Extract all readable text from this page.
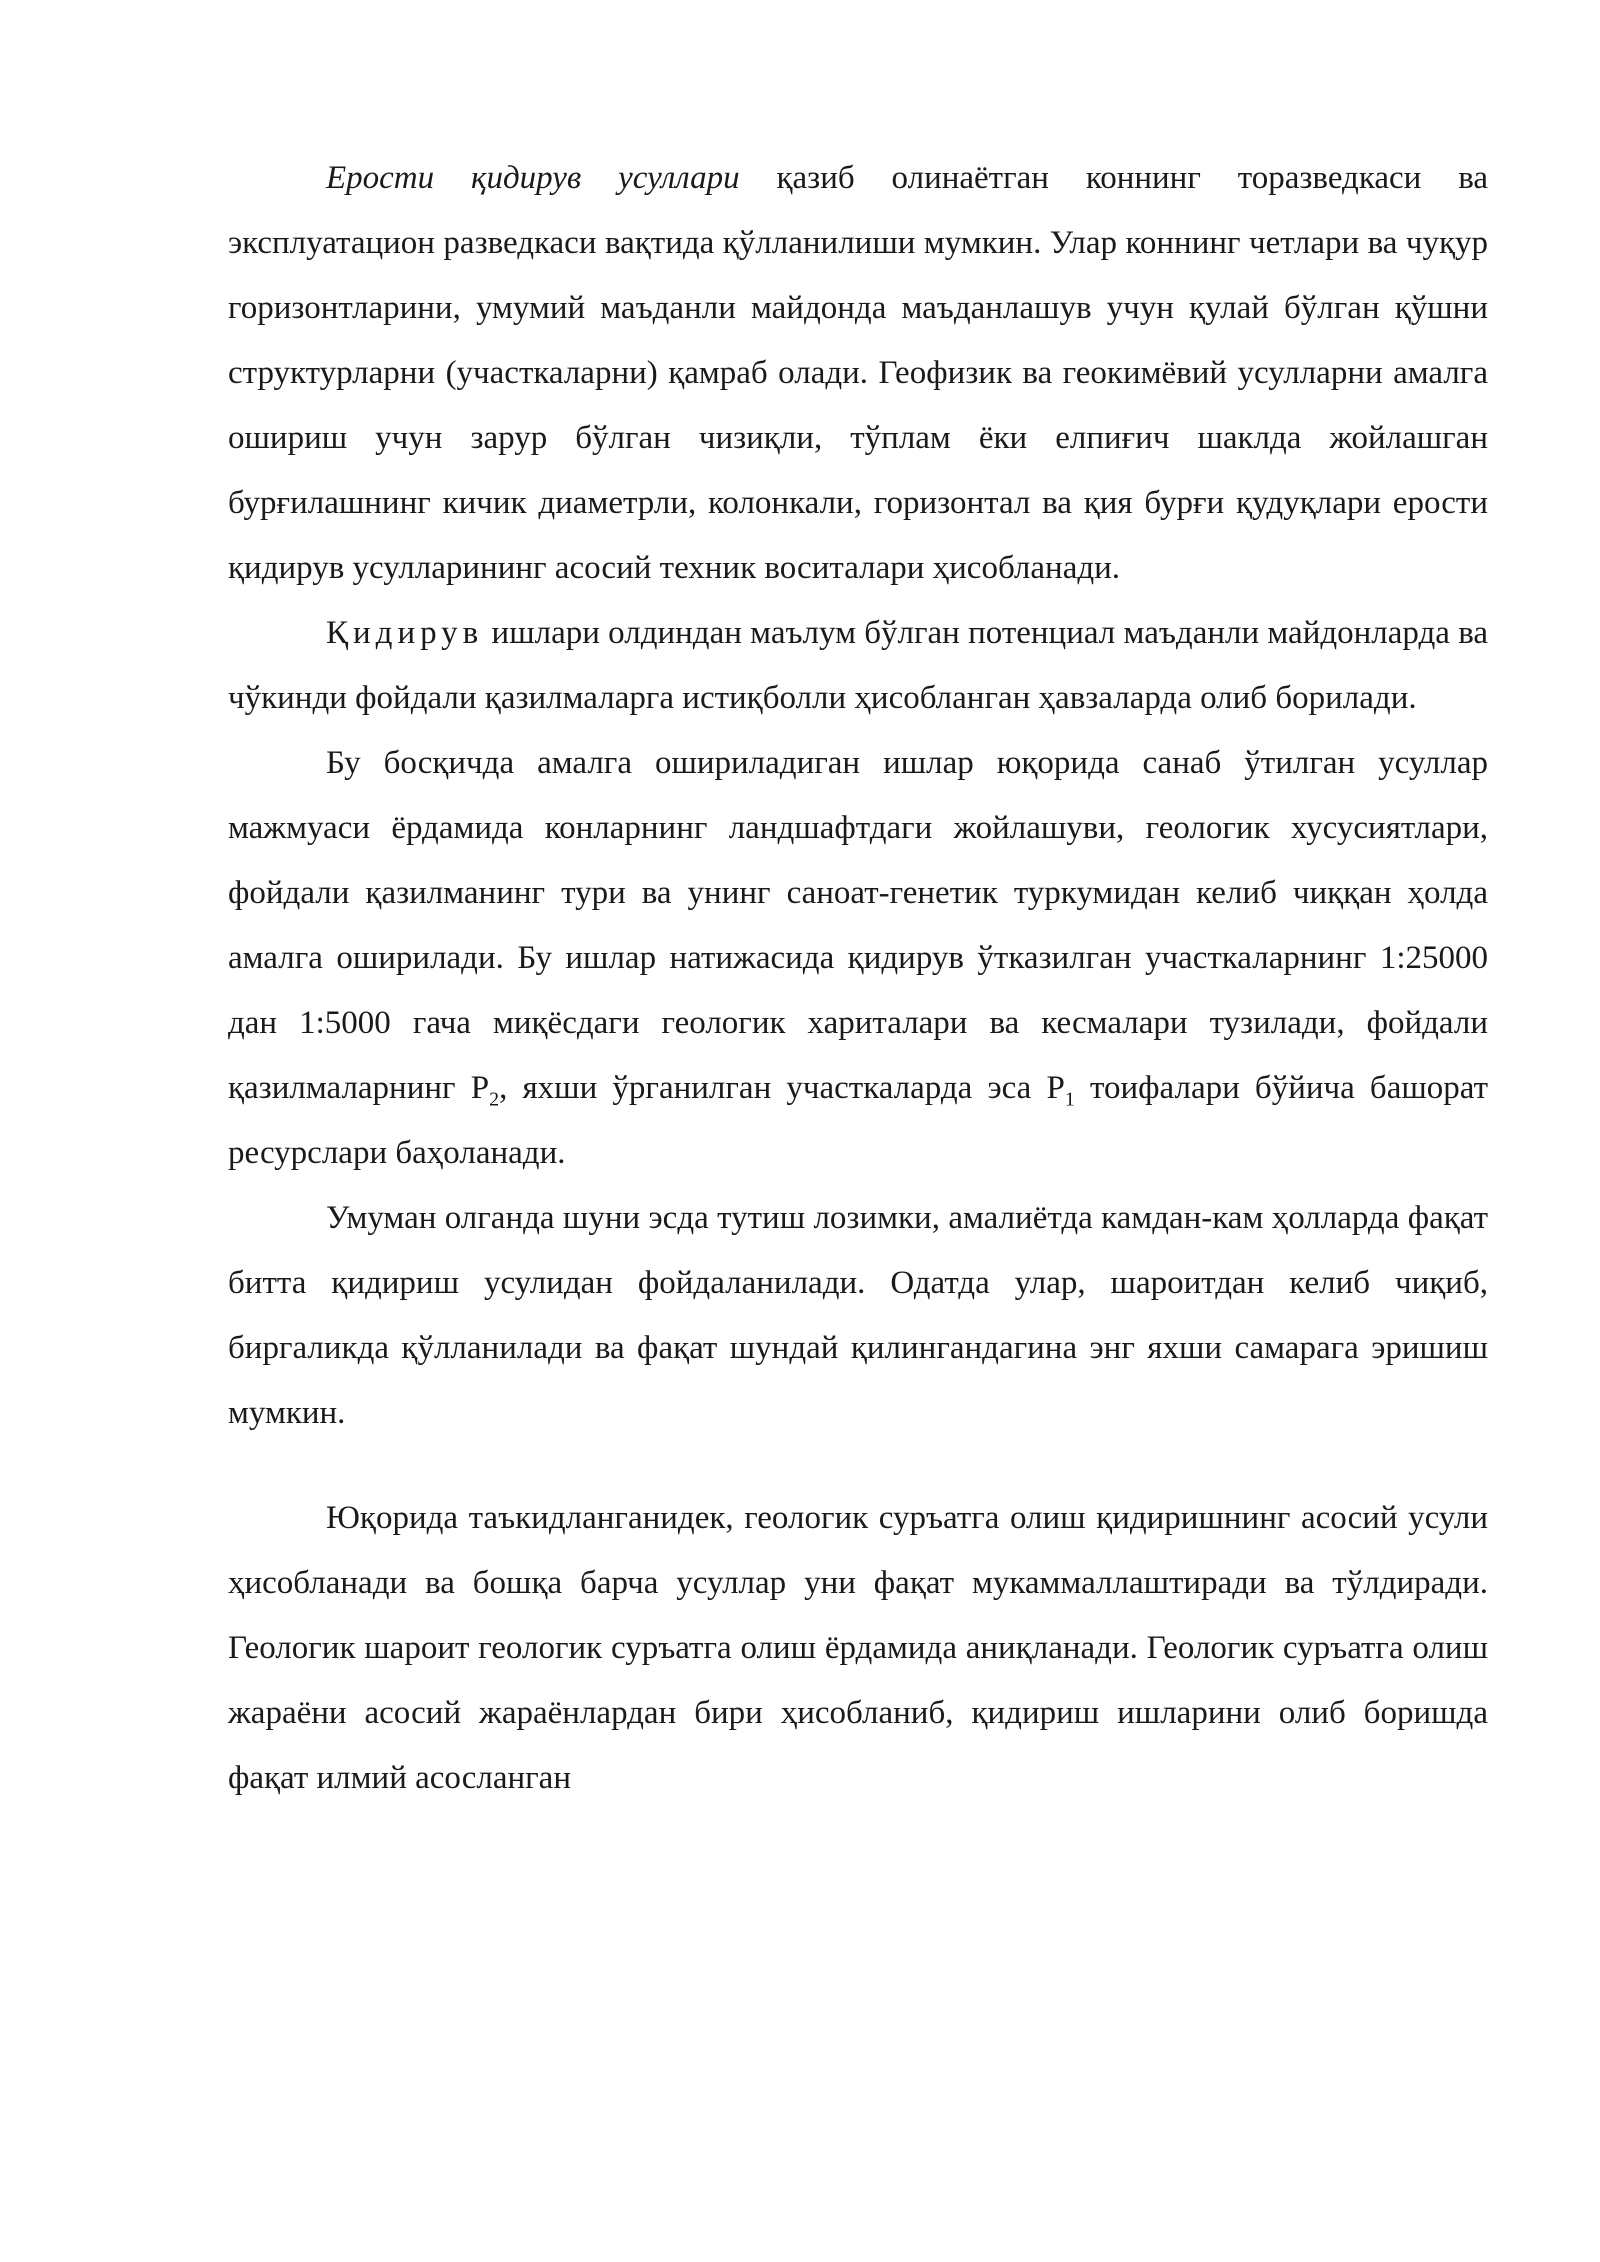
Ерости қидирув усуллари қазиб олинаётган коннинг торазведкаси ва эксплуатацион разведкаси вақтида қўлланилиши мумкин. Улар коннинг четлари ва чуқур горизонтларини, умумий маъданли майдонда маъданлашув учун қулай бўлган қўшни структурларни (участкаларни) қамраб олади. Геофизик ва геокимёвий усулларни амалга ошириш учун зарур бўлган чизиқли, тўплам ёки елпиғич шаклда жойлашган бурғилашнинг кичик диаметрли, колонкали, горизонтал ва қия бурғи қудуқлари ерости қидирув усулларининг асосий техник воситалари ҳисобланади.

Қидирув ишлари олдиндан маълум бўлган потенциал маъданли майдонларда ва чўкинди фойдали қазилмаларга истиқболли ҳисобланган ҳавзаларда олиб борилади.

Бу босқичда амалга ошириладиган ишлар юқорида санаб ўтилган усуллар мажмуаси ёрдамида конларнинг ландшафтдаги жойлашуви, геологик хусусиятлари, фойдали қазилманинг тури ва унинг саноат-генетик туркумидан келиб чиққан ҳолда амалга оширилади. Бу ишлар натижасида қидирув ўтказилган участкаларнинг 1:25000 дан 1:5000 гача миқёсдаги геологик хариталари ва кесмалари тузилади, фойдали қазилмаларнинг $Р_2$, яхши ўрганилган участкаларда эса $Р_1$ тоифалари бўйича башорат ресурслари баҳоланади.

Умуман олганда шуни эсда тутиш лозимки, амалиётда камдан-кам ҳолларда фақат битта қидириш усулидан фойдаланилади. Одатда улар, шароитдан келиб чиқиб, биргаликда қўлланилади ва фақат шундай қилингандагина энг яхши самарага эришиш мумкин.

Юқорида таъкидланганидек, геологик суръатга олиш қидиришнинг асосий усули ҳисобланади ва бошқа барча усуллар уни фақат мукаммаллаштиради ва тўлдиради. Геологик шароит геологик суръатга олиш ёрдамида аниқланади. Геологик суръатга олиш жараёни асосий жараёнлардан бири ҳисобланиб, қидириш ишларини олиб боришда фақат илмий асосланган
